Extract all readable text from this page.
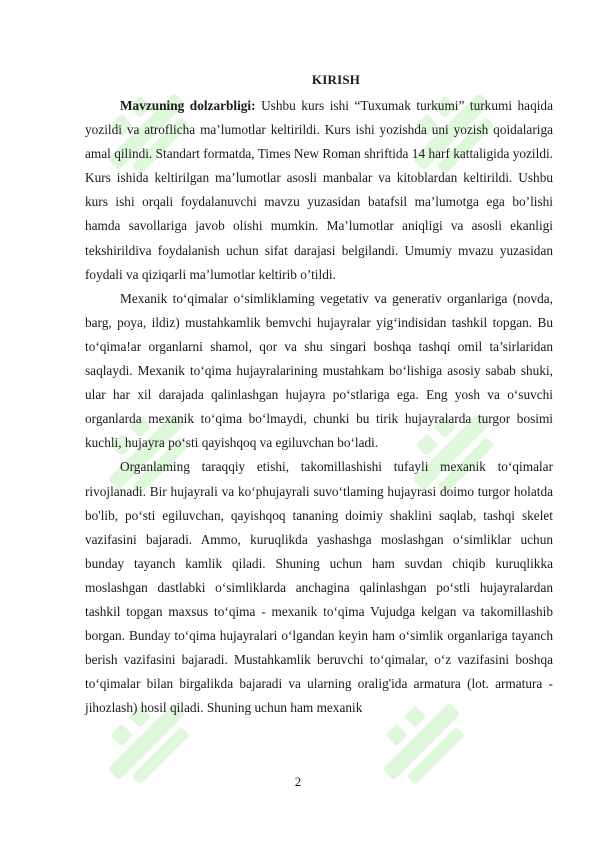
KIRISH

Mavzuning dolzarbligi: Ushbu kurs ishi “Tuxumak turkumi” turkumi haqida yozildi va atroflicha ma’lumotlar keltirildi. Kurs ishi yozishda uni yozish qoidalariga amal qilindi. Standart formatda, Times New Roman shriftida 14 harf kattaligida yozildi. Kurs ishida keltirilgan ma’lumotlar asosli manbalar va kitoblardan keltirildi. Ushbu kurs ishi orqali foydalanuvchi mavzu yuzasidan batafsil ma’lumotga ega bo’lishi hamda savollariga javob olishi mumkin. Ma’lumotlar aniqligi va asosli ekanligi tekshirildiva foydalanish uchun sifat darajasi belgilandi. Umumiy mvazu yuzasidan foydali va qiziqarli ma’lumotlar keltirib o’tildi.

Mexanik to‘qimalar o‘simliklaming vegetativ va generativ organlariga (novda, barg, poya, ildiz) mustahkamlik bemvchi hujayralar yig‘indisidan tashkil topgan. Bu to‘qima!ar organlarni shamol, qor va shu singari boshqa tashqi omil ta’sirlaridan saqlaydi. Mexanik to‘qima hujayralarining mustahkam bo‘lishiga asosiy sabab shuki, ular har xil darajada qalinlashgan hujayra po‘stlariga ega. Eng yosh va o‘suvchi organlarda mexanik to‘qima bo‘lmaydi, chunki bu tirik hujayralarda turgor bosimi kuchli, hujayra po‘sti qayishqoq va egiluvchan bo‘ladi.

Organlaming taraqqiy etishi, takomillashishi tufayli mexanik to‘qimalar rivojlanadi. Bir hujayrali va ko‘phujayrali suvo‘tlaming hujayrasi doimo turgor holatda bo'lib, po‘sti egiluvchan, qayishqoq tananing doimiy shaklini saqlab, tashqi skelet vazifasini bajaradi. Ammo, kuruqlikda yashashga moslashgan o‘simliklar uchun bunday tayanch kamlik qiladi. Shuning uchun ham suvdan chiqib kuruqlikka moslashgan dastlabki o‘simliklarda anchagina qalinlashgan po‘stli hujayralardan tashkil topgan maxsus to‘qima - mexanik to‘qima Vujudga kelgan va takomillashib borgan. Bunday to‘qima hujayralari o‘lgandan keyin ham o‘simlik organlariga tayanch berish vazifasini bajaradi. Mustahkamlik beruvchi to‘qimalar, o‘z vazifasini boshqa to‘qimalar bilan birgalikda bajaradi va ularning oralig'ida armatura (lot. armatura - jihozlash) hosil qiladi. Shuning uchun ham mexanik

2
